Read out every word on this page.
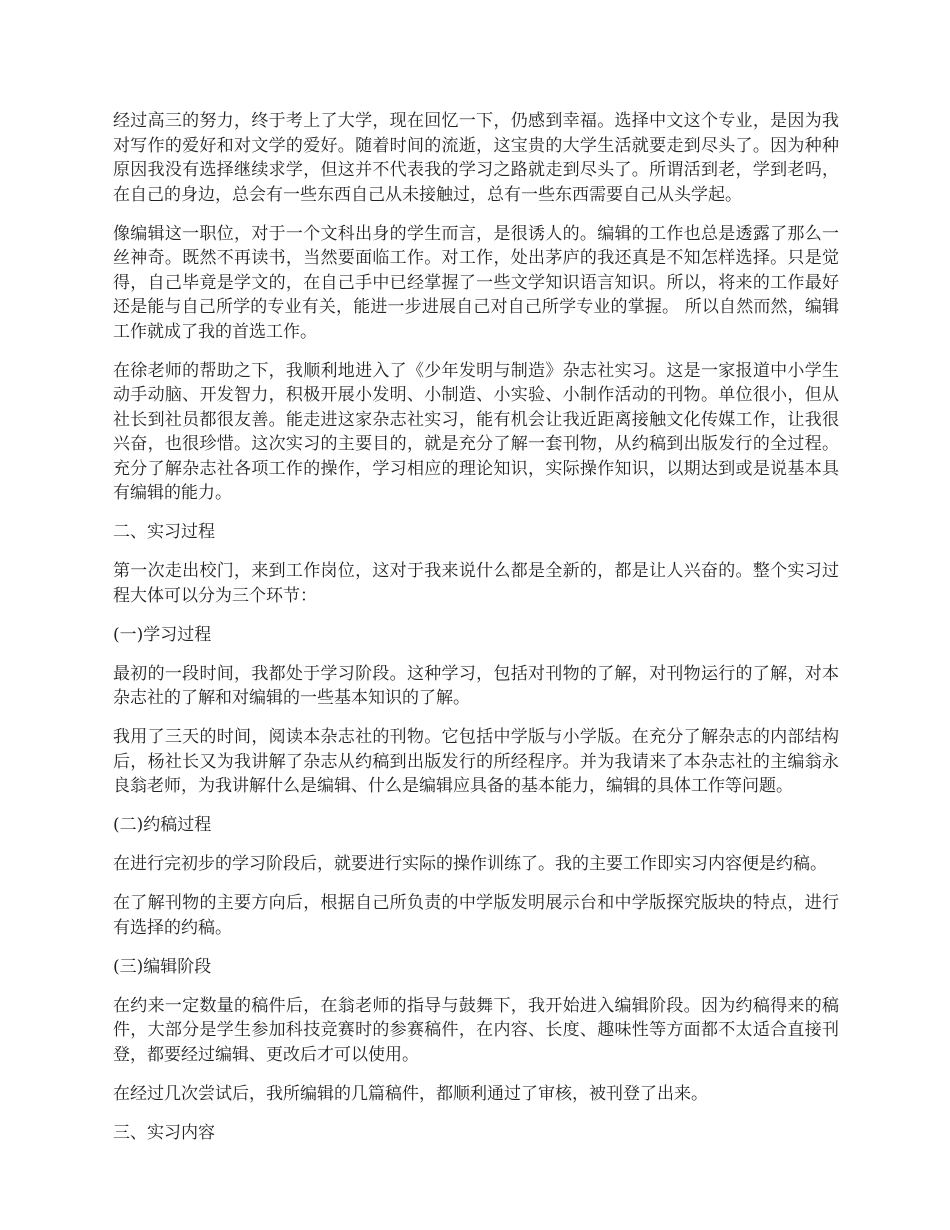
经过高三的努力，终于考上了大学，现在回忆一下，仍感到幸福。选择中文这个专业，是因为我对写作的爱好和对文学的爱好。随着时间的流逝，这宝贵的大学生活就要走到尽头了。因为种种原因我没有选择继续求学，但这并不代表我的学习之路就走到尽头了。所谓活到老，学到老吗，在自己的身边，总会有一些东西自己从未接触过，总有一些东西需要自己从头学起。

像编辑这一职位，对于一个文科出身的学生而言，是很诱人的。编辑的工作也总是透露了那么一丝神奇。既然不再读书，当然要面临工作。对工作，处出茅庐的我还真是不知怎样选择。只是觉得，自己毕竟是学文的，在自己手中已经掌握了一些文学知识语言知识。所以，将来的工作最好还是能与自己所学的专业有关，能进一步进展自己对自己所学专业的掌握。 所以自然而然，编辑工作就成了我的首选工作。

在徐老师的帮助之下，我顺利地进入了《少年发明与制造》杂志社实习。这是一家报道中小学生动手动脑、开发智力，积极开展小发明、小制造、小实验、小制作活动的刊物。单位很小，但从社长到社员都很友善。能走进这家杂志社实习，能有机会让我近距离接触文化传媒工作，让我很兴奋，也很珍惜。这次实习的主要目的，就是充分了解一套刊物，从约稿到出版发行的全过程。充分了解杂志社各项工作的操作，学习相应的理论知识，实际操作知识，以期达到或是说基本具有编辑的能力。

二、实习过程

第一次走出校门，来到工作岗位，这对于我来说什么都是全新的，都是让人兴奋的。整个实习过程大体可以分为三个环节：

(一)学习过程

最初的一段时间，我都处于学习阶段。这种学习，包括对刊物的了解，对刊物运行的了解，对本杂志社的了解和对编辑的一些基本知识的了解。

我用了三天的时间，阅读本杂志社的刊物。它包括中学版与小学版。在充分了解杂志的内部结构后，杨社长又为我讲解了杂志从约稿到出版发行的所经程序。并为我请来了本杂志社的主编翁永良翁老师，为我讲解什么是编辑、什么是编辑应具备的基本能力，编辑的具体工作等问题。

(二)约稿过程

在进行完初步的学习阶段后，就要进行实际的操作训练了。我的主要工作即实习内容便是约稿。

在了解刊物的主要方向后，根据自己所负责的中学版发明展示台和中学版探究版块的特点，进行有选择的约稿。

(三)编辑阶段

在约来一定数量的稿件后，在翁老师的指导与鼓舞下，我开始进入编辑阶段。因为约稿得来的稿件，大部分是学生参加科技竞赛时的参赛稿件，在内容、长度、趣味性等方面都不太适合直接刊登，都要经过编辑、更改后才可以使用。

在经过几次尝试后，我所编辑的几篇稿件，都顺利通过了审核，被刊登了出来。

三、实习内容
